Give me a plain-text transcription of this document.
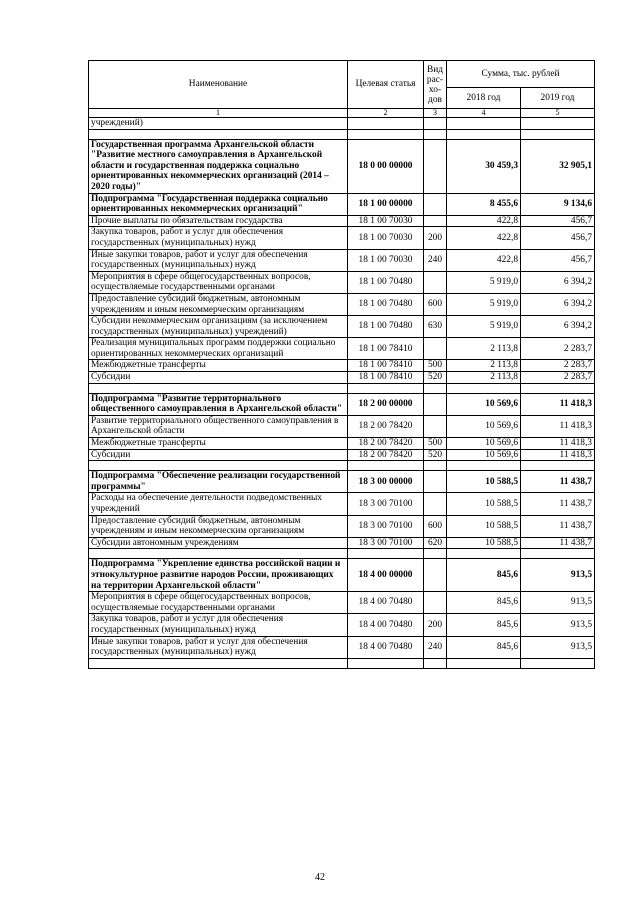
Наименование	Целевая статья	Вид
рас-
хо-
дов	Сумма, тыс. рублей	
			2018 год	2019 год
1	2	3	4	5
учреждений)				

Государственная программа Архангельской области "Развитие местного самоуправления в Архангельской области и государственная поддержка социально ориентированных некоммерческих организаций (2014 – 2020 годы)"	18 0 00 00000		30 459,3	32 905,1
Подпрограмма "Государственная поддержка социально ориентированных некоммерческих организаций"	18 1 00 00000		8 455,6	9 134,6
Прочие выплаты по обязательствам государства	18 1 00 70030		422,8	456,7
Закупка товаров, работ и услуг для обеспечения государственных (муниципальных) нужд	18 1 00 70030	200	422,8	456,7
Иные закупки товаров, работ и услуг для обеспечения государственных (муниципальных) нужд	18 1 00 70030	240	422,8	456,7
Мероприятия в сфере общегосударственных вопросов, осуществляемые государственными органами	18 1 00 70480		5 919,0	6 394,2
Предоставление субсидий бюджетным, автономным учреждениям и иным некоммерческим организациям	18 1 00 70480	600	5 919,0	6 394,2
Субсидии некоммерческим организациям (за исключением государственных (муниципальных) учреждений)	18 1 00 70480	630	5 919,0	6 394,2
Реализация муниципальных программ поддержки социально ориентированных некоммерческих организаций	18 1 00 78410		2 113,8	2 283,7
Межбюджетные трансферты	18 1 00 78410	500	2 113,8	2 283,7
Субсидии	18 1 00 78410	520	2 113,8	2 283,7

Подпрограмма "Развитие территориального общественного самоуправления в Архангельской области"	18 2 00 00000		10 569,6	11 418,3
Развитие территориального общественного самоуправления в Архангельской области	18 2 00 78420		10 569,6	11 418,3
Межбюджетные трансферты	18 2 00 78420	500	10 569,6	11 418,3
Субсидии	18 2 00 78420	520	10 569,6	11 418,3

Подпрограмма "Обеспечение реализации государственной программы"	18 3 00 00000		10 588,5	11 438,7
Расходы на обеспечение деятельности подведомственных учреждений	18 3 00 70100		10 588,5	11 438,7
Предоставление субсидий бюджетным, автономным учреждениям и иным некоммерческим организациям	18 3 00 70100	600	10 588,5	11 438,7
Субсидии автономным учреждениям	18 3 00 70100	620	10 588,5	11 438,7

Подпрограмма "Укрепление единства российской нации и этнокультурное развитие народов России, проживающих на территории Архангельской области"	18 4 00 00000		845,6	913,5
Мероприятия в сфере общегосударственных вопросов, осуществляемые государственными органами	18 4 00 70480		845,6	913,5
Закупка товаров, работ и услуг для обеспечения государственных (муниципальных) нужд	18 4 00 70480	200	845,6	913,5
Иные закупки товаров, работ и услуг для обеспечения государственных (муниципальных) нужд	18 4 00 70480	240	845,6	913,5

42
